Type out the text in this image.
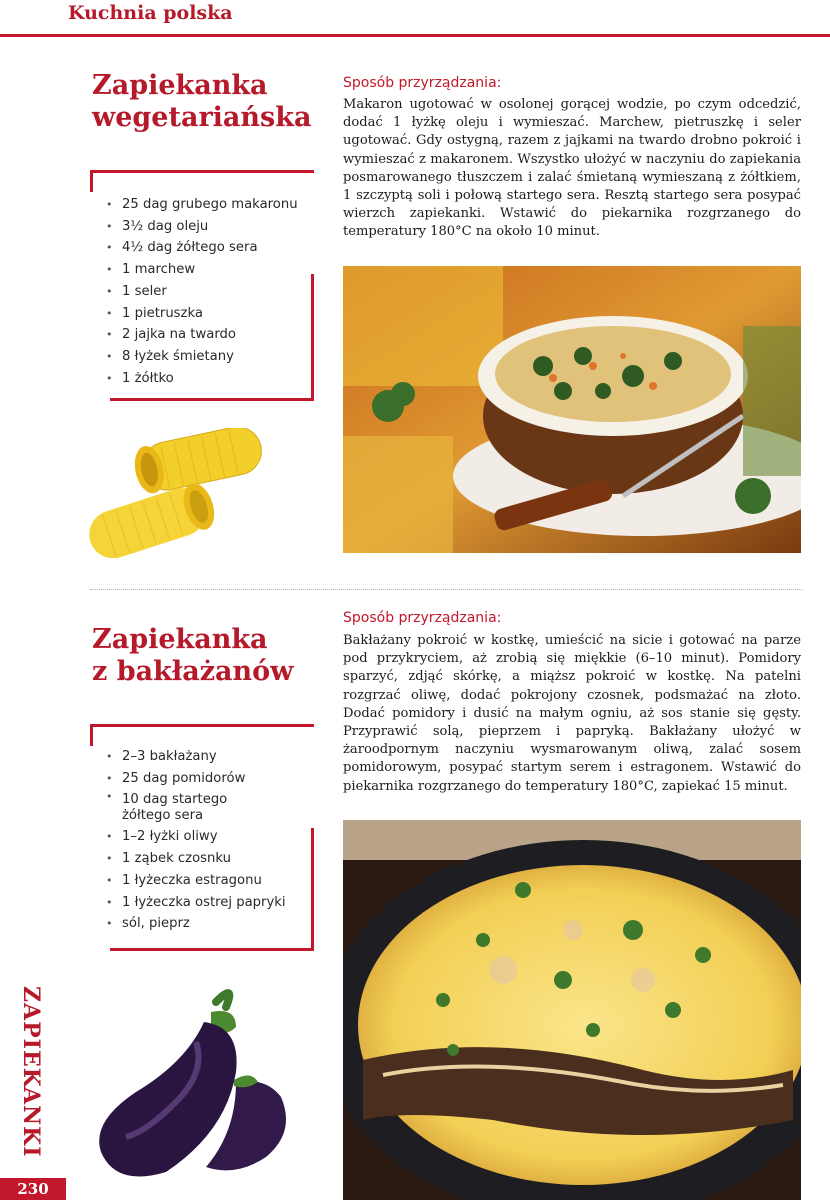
Kuchnia polska
Zapiekanka
wegetariańska
• 25 dag grubego makaronu
• 3½ dag oleju
• 4½ dag żółtego sera
• 1 marchew
• 1 seler
• 1 pietruszka
• 2 jajka na twardo
• 8 łyżek śmietany
• 1 żółtko
Sposób przyrządzania:

Makaron ugotować w osolonej gorącej wodzie, po czym odcedzić, dodać 1 łyżkę oleju i wymieszać. Marchew, pietruszkę i seler ugotować. Gdy ostygną, razem z jajkami na twardo drobno pokroić i wymieszać z makaronem. Wszystko ułożyć w naczyniu do zapiekania posmarowanego tłuszczem i zalać śmietaną wymieszaną z żółtkiem, 1 szczyptą soli i połową startego sera. Resztą startego sera posypać wierzch zapiekanki. Wstawić do piekarnika rozgrzanego do temperatury 180°C na około 10 minut.

Zapiekanka
z bakłażanów
• 2–3 bakłażany
• 25 dag pomidorów
• 10 dag startego żółtego sera
• 1–2 łyżki oliwy
• 1 ząbek czosnku
• 1 łyżeczka estragonu
• 1 łyżeczka ostrej papryki
• sól, pieprz
Sposób przyrządzania:

Bakłażany pokroić w kostkę, umieścić na sicie i gotować na parze pod przykryciem, aż zrobią się miękkie (6–10 minut). Pomidory sparzyć, zdjąć skórkę, a miąższ pokroić w kostkę. Na patelni rozgrzać oliwę, dodać pokrojony czosnek, podsmażać na złoto. Dodać pomidory i dusić na małym ogniu, aż sos stanie się gęsty. Przyprawić solą, pieprzem i papryką. Bakłażany ułożyć w żaroodpornym naczyniu wysmarowanym oliwą, zalać sosem pomidorowym, posypać startym serem i estragonem. Wstawić do piekarnika rozgrzanego do temperatury 180°C, zapiekać 15 minut.

ZAPIEKANKI
230
